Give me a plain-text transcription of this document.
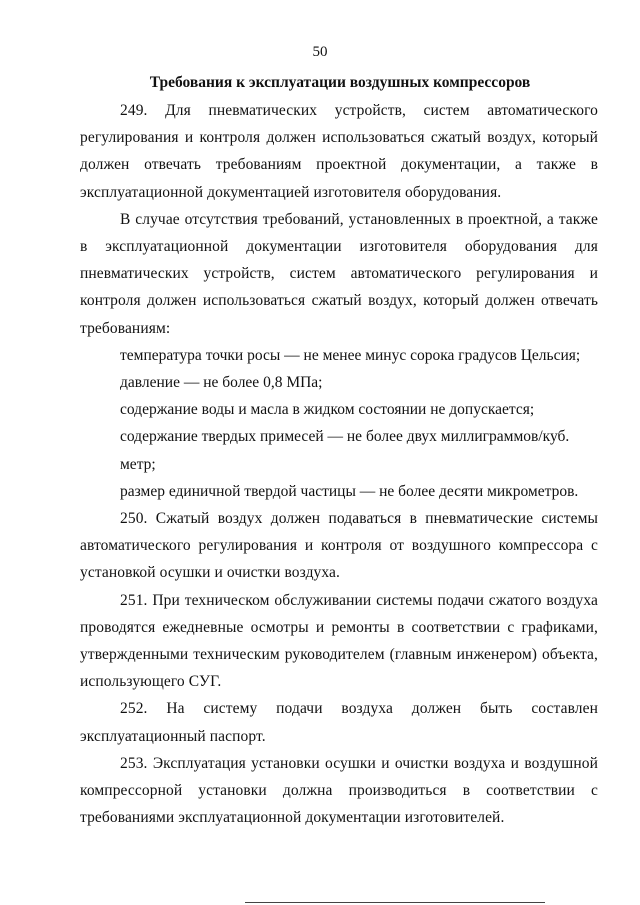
50
Требования к эксплуатации воздушных компрессоров

249. Для пневматических устройств, систем автоматического регулирования и контроля должен использоваться сжатый воздух, который должен отвечать требованиям проектной документации, а также в эксплуатационной документацией изготовителя оборудования.

В случае отсутствия требований, установленных в проектной, а также в эксплуатационной документации изготовителя оборудования для пневматических устройств, систем автоматического регулирования и контроля должен использоваться сжатый воздух, который должен отвечать требованиям:

температура точки росы — не менее минус сорока градусов Цельсия;

давление — не более 0,8 МПа;

содержание воды и масла в жидком состоянии не допускается;

содержание твердых примесей — не более двух миллиграммов/куб. метр;

размер единичной твердой частицы — не более десяти микрометров.

250. Сжатый воздух должен подаваться в пневматические системы автоматического регулирования и контроля от воздушного компрессора с установкой осушки и очистки воздуха.

251. При техническом обслуживании системы подачи сжатого воздуха проводятся ежедневные осмотры и ремонты в соответствии с графиками, утвержденными техническим руководителем (главным инженером) объекта, использующего СУГ.

252. На систему подачи воздуха должен быть составлен эксплуатационный паспорт.

253. Эксплуатация установки осушки и очистки воздуха и воздушной компрессорной установки должна производиться в соответствии с требованиями эксплуатационной документации изготовителей.
